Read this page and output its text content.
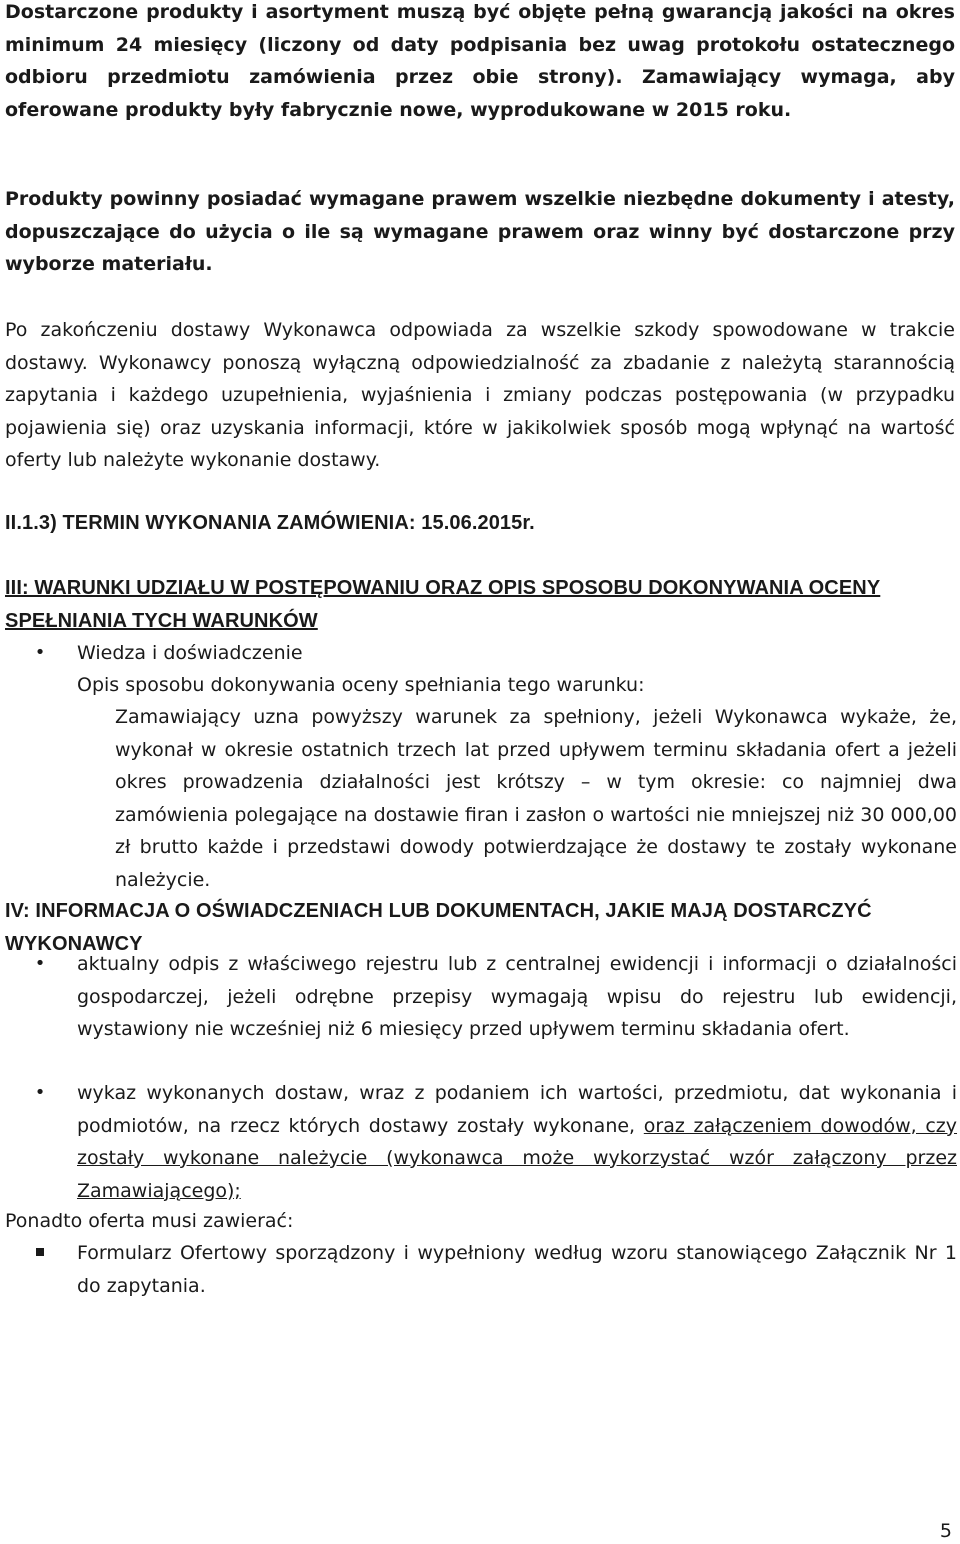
Dostarczone produkty i asortyment muszą być objęte pełną gwarancją jakości na okres minimum 24 miesięcy (liczony od daty podpisania bez uwag protokołu ostatecznego odbioru przedmiotu zamówienia przez obie strony). Zamawiający wymaga, aby oferowane produkty były fabrycznie nowe, wyprodukowane w 2015 roku.

Produkty powinny posiadać wymagane prawem wszelkie niezbędne dokumenty i atesty, dopuszczające do użycia o ile są wymagane prawem oraz winny być dostarczone przy wyborze materiału.

Po zakończeniu dostawy Wykonawca odpowiada za wszelkie szkody spowodowane w trakcie dostawy. Wykonawcy ponoszą wyłączną odpowiedzialność za zbadanie z należytą starannością zapytania i każdego uzupełnienia, wyjaśnienia i zmiany podczas postępowania (w przypadku pojawienia się) oraz uzyskania informacji, które w jakikolwiek sposób mogą wpłynąć na wartość oferty lub należyte wykonanie dostawy.

II.1.3) TERMIN WYKONANIA ZAMÓWIENIA: 15.06.2015r.

III: WARUNKI UDZIAŁU W POSTĘPOWANIU ORAZ OPIS SPOSOBU DOKONYWANIA OCENY SPEŁNIANIA TYCH WARUNKÓW

•

Wiedza i doświadczenie

Opis sposobu dokonywania oceny spełniania tego warunku:

Zamawiający uzna powyższy warunek za spełniony, jeżeli Wykonawca wykaże, że, wykonał w okresie ostatnich trzech lat przed upływem terminu składania ofert a jeżeli okres prowadzenia działalności jest krótszy – w tym okresie: co najmniej dwa zamówienia polegające na dostawie firan i zasłon o wartości nie mniejszej niż 30 000,00 zł brutto każde i przedstawi dowody potwierdzające że dostawy te zostały wykonane należycie.

IV: INFORMACJA O OŚWIADCZENIACH LUB DOKUMENTACH, JAKIE MAJĄ DOSTARCZYĆ WYKONAWCY

•

aktualny odpis z właściwego rejestru lub z centralnej ewidencji i informacji o działalności gospodarczej, jeżeli odrębne przepisy wymagają wpisu do rejestru lub ewidencji, wystawiony nie wcześniej niż 6 miesięcy przed upływem terminu składania ofert.

•

wykaz wykonanych dostaw, wraz z podaniem ich wartości, przedmiotu, dat wykonania i podmiotów, na rzecz których dostawy zostały wykonane, oraz załączeniem dowodów, czy zostały wykonane należycie (wykonawca może wykorzystać wzór załączony przez Zamawiającego);

Ponadto oferta musi zawierać:

Formularz Ofertowy sporządzony i wypełniony według wzoru stanowiącego Załącznik Nr 1 do zapytania.

5
